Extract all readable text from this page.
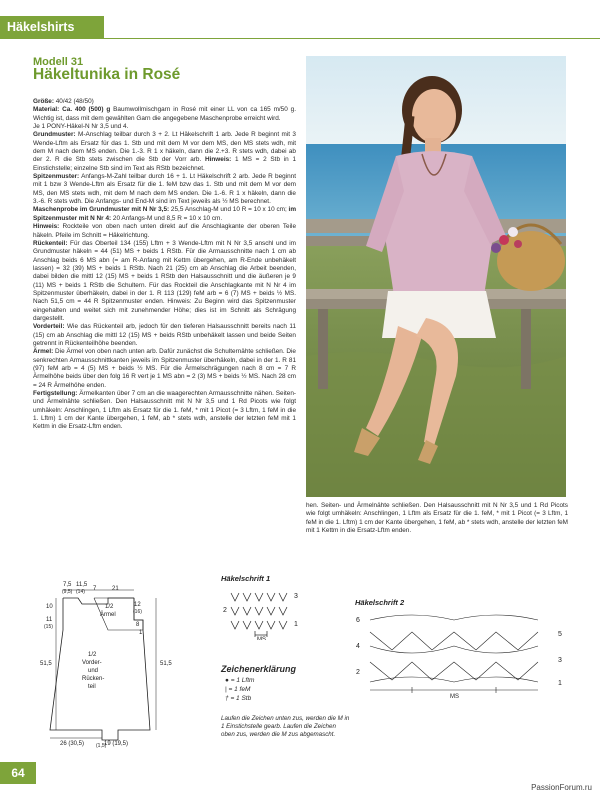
Häkelshirts
Modell 31
Häkeltunika in Rosé

Größe: 40/42 (48/50)

Material: Ca. 400 (500) g Baumwollmischgarn in Rosé mit einer LL von ca 165 m/50 g. Wichtig ist, dass mit dem gewählten Garn die angegebene Maschenprobe erreicht wird.

Je 1 PONY-Häkel-N Nr 3,5 und 4.

Grundmuster: M-Anschlag teilbar durch 3 + 2. Lt Häkelschrift 1 arb. Jede R beginnt mit 3 Wende-Lftm als Ersatz für das 1. Stb und mit dem M vor dem MS, den MS stets wdh, mit dem M nach dem MS enden. Die 1.-3. R 1 x häkeln, dann die 2.+3. R stets wdh, dabei ab der 2. R die Stb stets zwischen die Stb der Vorr arb. Hinweis: 1 MS = 2 Stb in 1 Einstichstelle; einzelne Stb sind im Text als RStb bezeichnet.

Spitzenmuster: Anfangs-M-Zahl teilbar durch 16 + 1. Lt Häkelschrift 2 arb. Jede R beginnt mit 1 bzw 3 Wende-Lftm als Ersatz für die 1. feM bzw das 1. Stb und mit dem M vor dem MS, den MS stets wdh, mit dem M nach dem MS enden. Die 1.-6. R 1 x häkeln, dann die 3.-6. R stets wdh. Die Anfangs- und End-M sind im Text jeweils als ½ MS berechnet.

Maschenprobe im Grundmuster mit N Nr 3,5: 25,5 Anschlag-M und 10 R = 10 x 10 cm; im Spitzenmuster mit N Nr 4: 20 Anfangs-M und 8,5 R = 10 x 10 cm.

Hinweis: Rockteile von oben nach unten direkt auf die Anschlagkante der oberen Teile häkeln. Pfeile im Schnitt = Häkelrichtung.

Rückenteil: Für das Oberteil 134 (155) Lftm + 3 Wende-Lftm mit N Nr 3,5 anschl und im Grundmuster häkeln = 44 (51) MS + beids 1 RStb. Für die Armausschnitte nach 1 cm ab Anschlag beids 6 MS abn (= am R-Anfang mit Kettm übergehen, am R-Ende unbehäkelt lassen) = 32 (39) MS + beids 1 RStb. Nach 21 (25) cm ab Anschlag die Arbeit beenden, dabei bilden die mittl 12 (15) MS + beids 1 RStb den Halsausschnitt und die äußeren je 9 (11) MS + beids 1 RStb die Schultern. Für das Rockteil die Anschlagkante mit N Nr 4 im Spitzenmuster überhäkeln, dabei in der 1. R 113 (129) feM arb = 6 (7) MS + beids ½ MS. Nach 51,5 cm = 44 R Spitzenmuster enden. Hinweis: Zu Beginn wird das Spitzenmuster eingehalten und weitet sich mit zunehmender Höhe; dies ist im Schnitt als Schrägung dargestellt.

Vorderteil: Wie das Rückenteil arb, jedoch für den tieferen Halsausschnitt bereits nach 11 (15) cm ab Anschlag die mittl 12 (15) MS + beids RStb unbehäkelt lassen und beide Seiten getrennt in Rückenteilhöhe beenden.

Ärmel: Die Ärmel von oben nach unten arb. Dafür zunächst die Schulternähte schließen. Die senkrechten Armausschnittkanten jeweils im Spitzenmuster überhäkeln, dabei in der 1. R 81 (97) feM arb = 4 (5) MS + beids ½ MS. Für die Ärmelschrägungen nach 8 cm = 7 R Ärmelhöhe beids über den folg 16 R vert je 1 MS abn = 2 (3) MS + beids ½ MS. Nach 28 cm = 24 R Ärmelhöhe enden.

Fertigstellung: Ärmelkanten über 7 cm an die waagerechten Armausschnitte nähen. Seiten- und Ärmelnähte schließen. Den Halsausschnitt mit N Nr 3,5 und 1 Rd Picots wie folgt umhäkeln: Anschlingen, 1 Lftm als Ersatz für die 1. feM, * mit 1 Picot (= 3 Lftm, 1 feM in die 1. Lftm) 1 cm der Kante übergehen, 1 feM, ab * stets wdh, anstelle der letzten feM mit 1 Kettm in die Ersatz-Lftm enden.

hen. Seiten- und Ärmelnähte schließen. Den Halsausschnitt mit N Nr 3,5 und 1 Rd Picots wie folgt umhäkeln: Anschlingen, 1 Lftm als Ersatz für die 1. feM, * mit 1 Picot (= 3 Lftm, 1 feM in die 1. Lftm) 1 cm der Kante übergehen, 1 feM, ab * stets wdh, anstelle der letzten feM mit 1 Kettm in die Ersatz-Lftm enden.

7,5
(9,5)
11,5
(14) 7	21
10
11
(15)
51,5
1/2
Ärmel
12
(16)
8
1
51,5
1/2
Vorder-
und
Rücken-
teil
26 (30,5)	19 (19,5)
(1,5)
Häkelschrift 1
3
2
1
MS
Häkelschrift 2
6
5
4
3
2
1
MS
Zeichenerklärung
● = 1 Lftm
| = 1 feM
† = 1 Stb
Laufen die Zeichen unten zus, werden die M in 1 Einstichstelle gearb. Laufen die Zeichen oben zus, werden die M zus abgemascht.
64
PassionForum.ru
